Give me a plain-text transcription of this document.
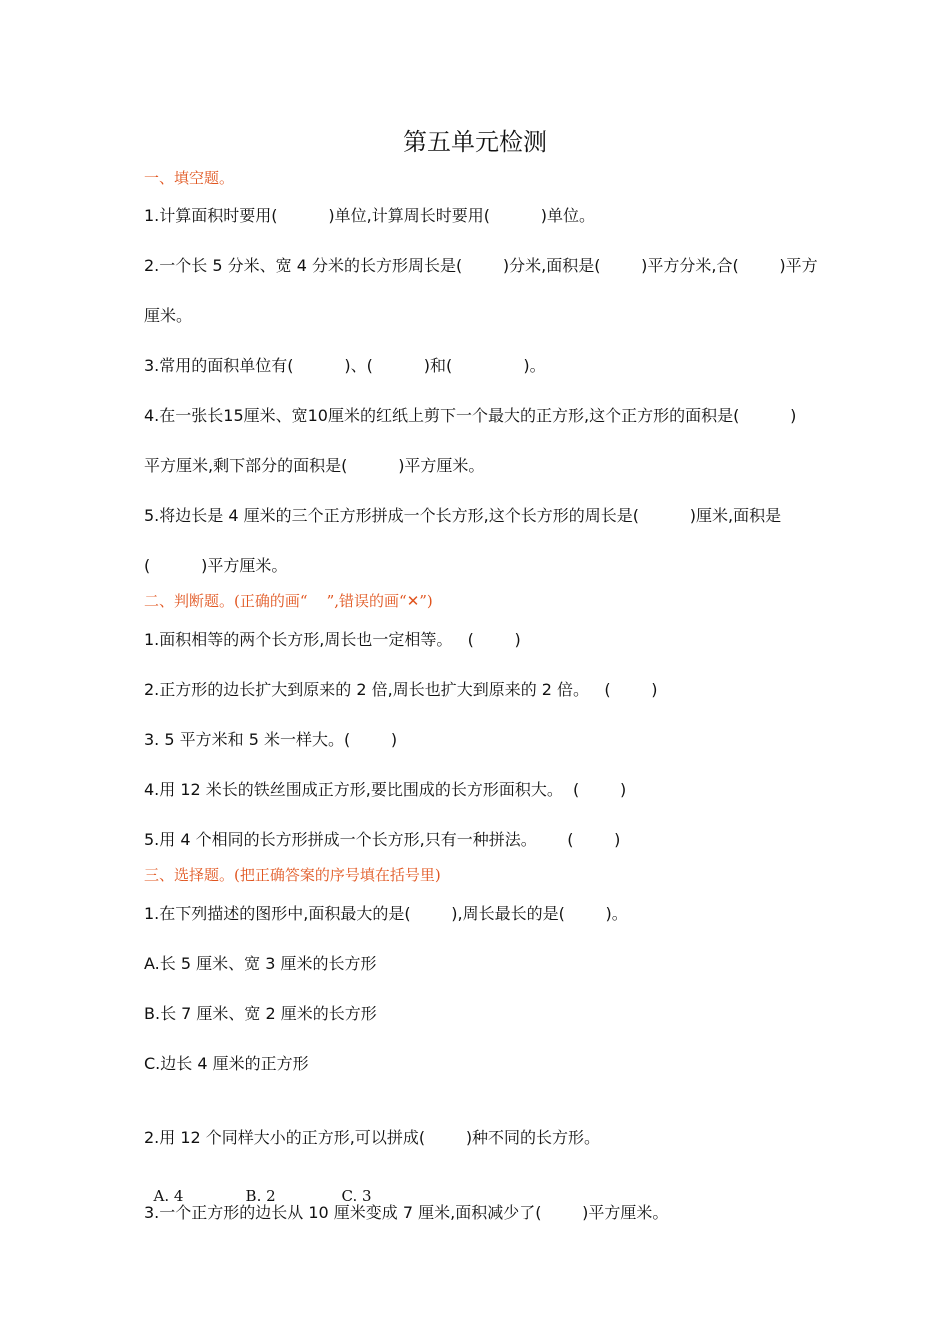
第五单元检测
一、填空题。
1.计算面积时要用(          )单位,计算周长时要用(          )单位。
2.一个长 5 分米、宽 4 分米的长方形周长是(        )分米,面积是(        )平方分米,合(        )平方
厘米。
3.常用的面积单位有(          )、(          )和(              )。
4.在一张长15厘米、宽10厘米的红纸上剪下一个最大的正方形,这个正方形的面积是(          )
平方厘米,剩下部分的面积是(          )平方厘米。
5.将边长是 4 厘米的三个正方形拼成一个长方形,这个长方形的周长是(          )厘米,面积是
(          )平方厘米。
二、判断题。(正确的画“    ”,错误的画“✕”)
1.面积相等的两个长方形,周长也一定相等。   (        )
2.正方形的边长扩大到原来的 2 倍,周长也扩大到原来的 2 倍。   (        )
3. 5 平方米和 5 米一样大。(        )
4.用 12 米长的铁丝围成正方形,要比围成的长方形面积大。  (        )
5.用 4 个相同的长方形拼成一个长方形,只有一种拼法。      (        )
三、选择题。(把正确答案的序号填在括号里)
1.在下列描述的图形中,面积最大的是(        ),周长最长的是(        )。
A.长 5 厘米、宽 3 厘米的长方形
B.长 7 厘米、宽 2 厘米的长方形
C.边长 4 厘米的正方形
2.用 12 个同样大小的正方形,可以拼成(        )种不同的长方形。

A. 4	B. 2	C. 3

3.一个正方形的边长从 10 厘米变成 7 厘米,面积减少了(        )平方厘米。
